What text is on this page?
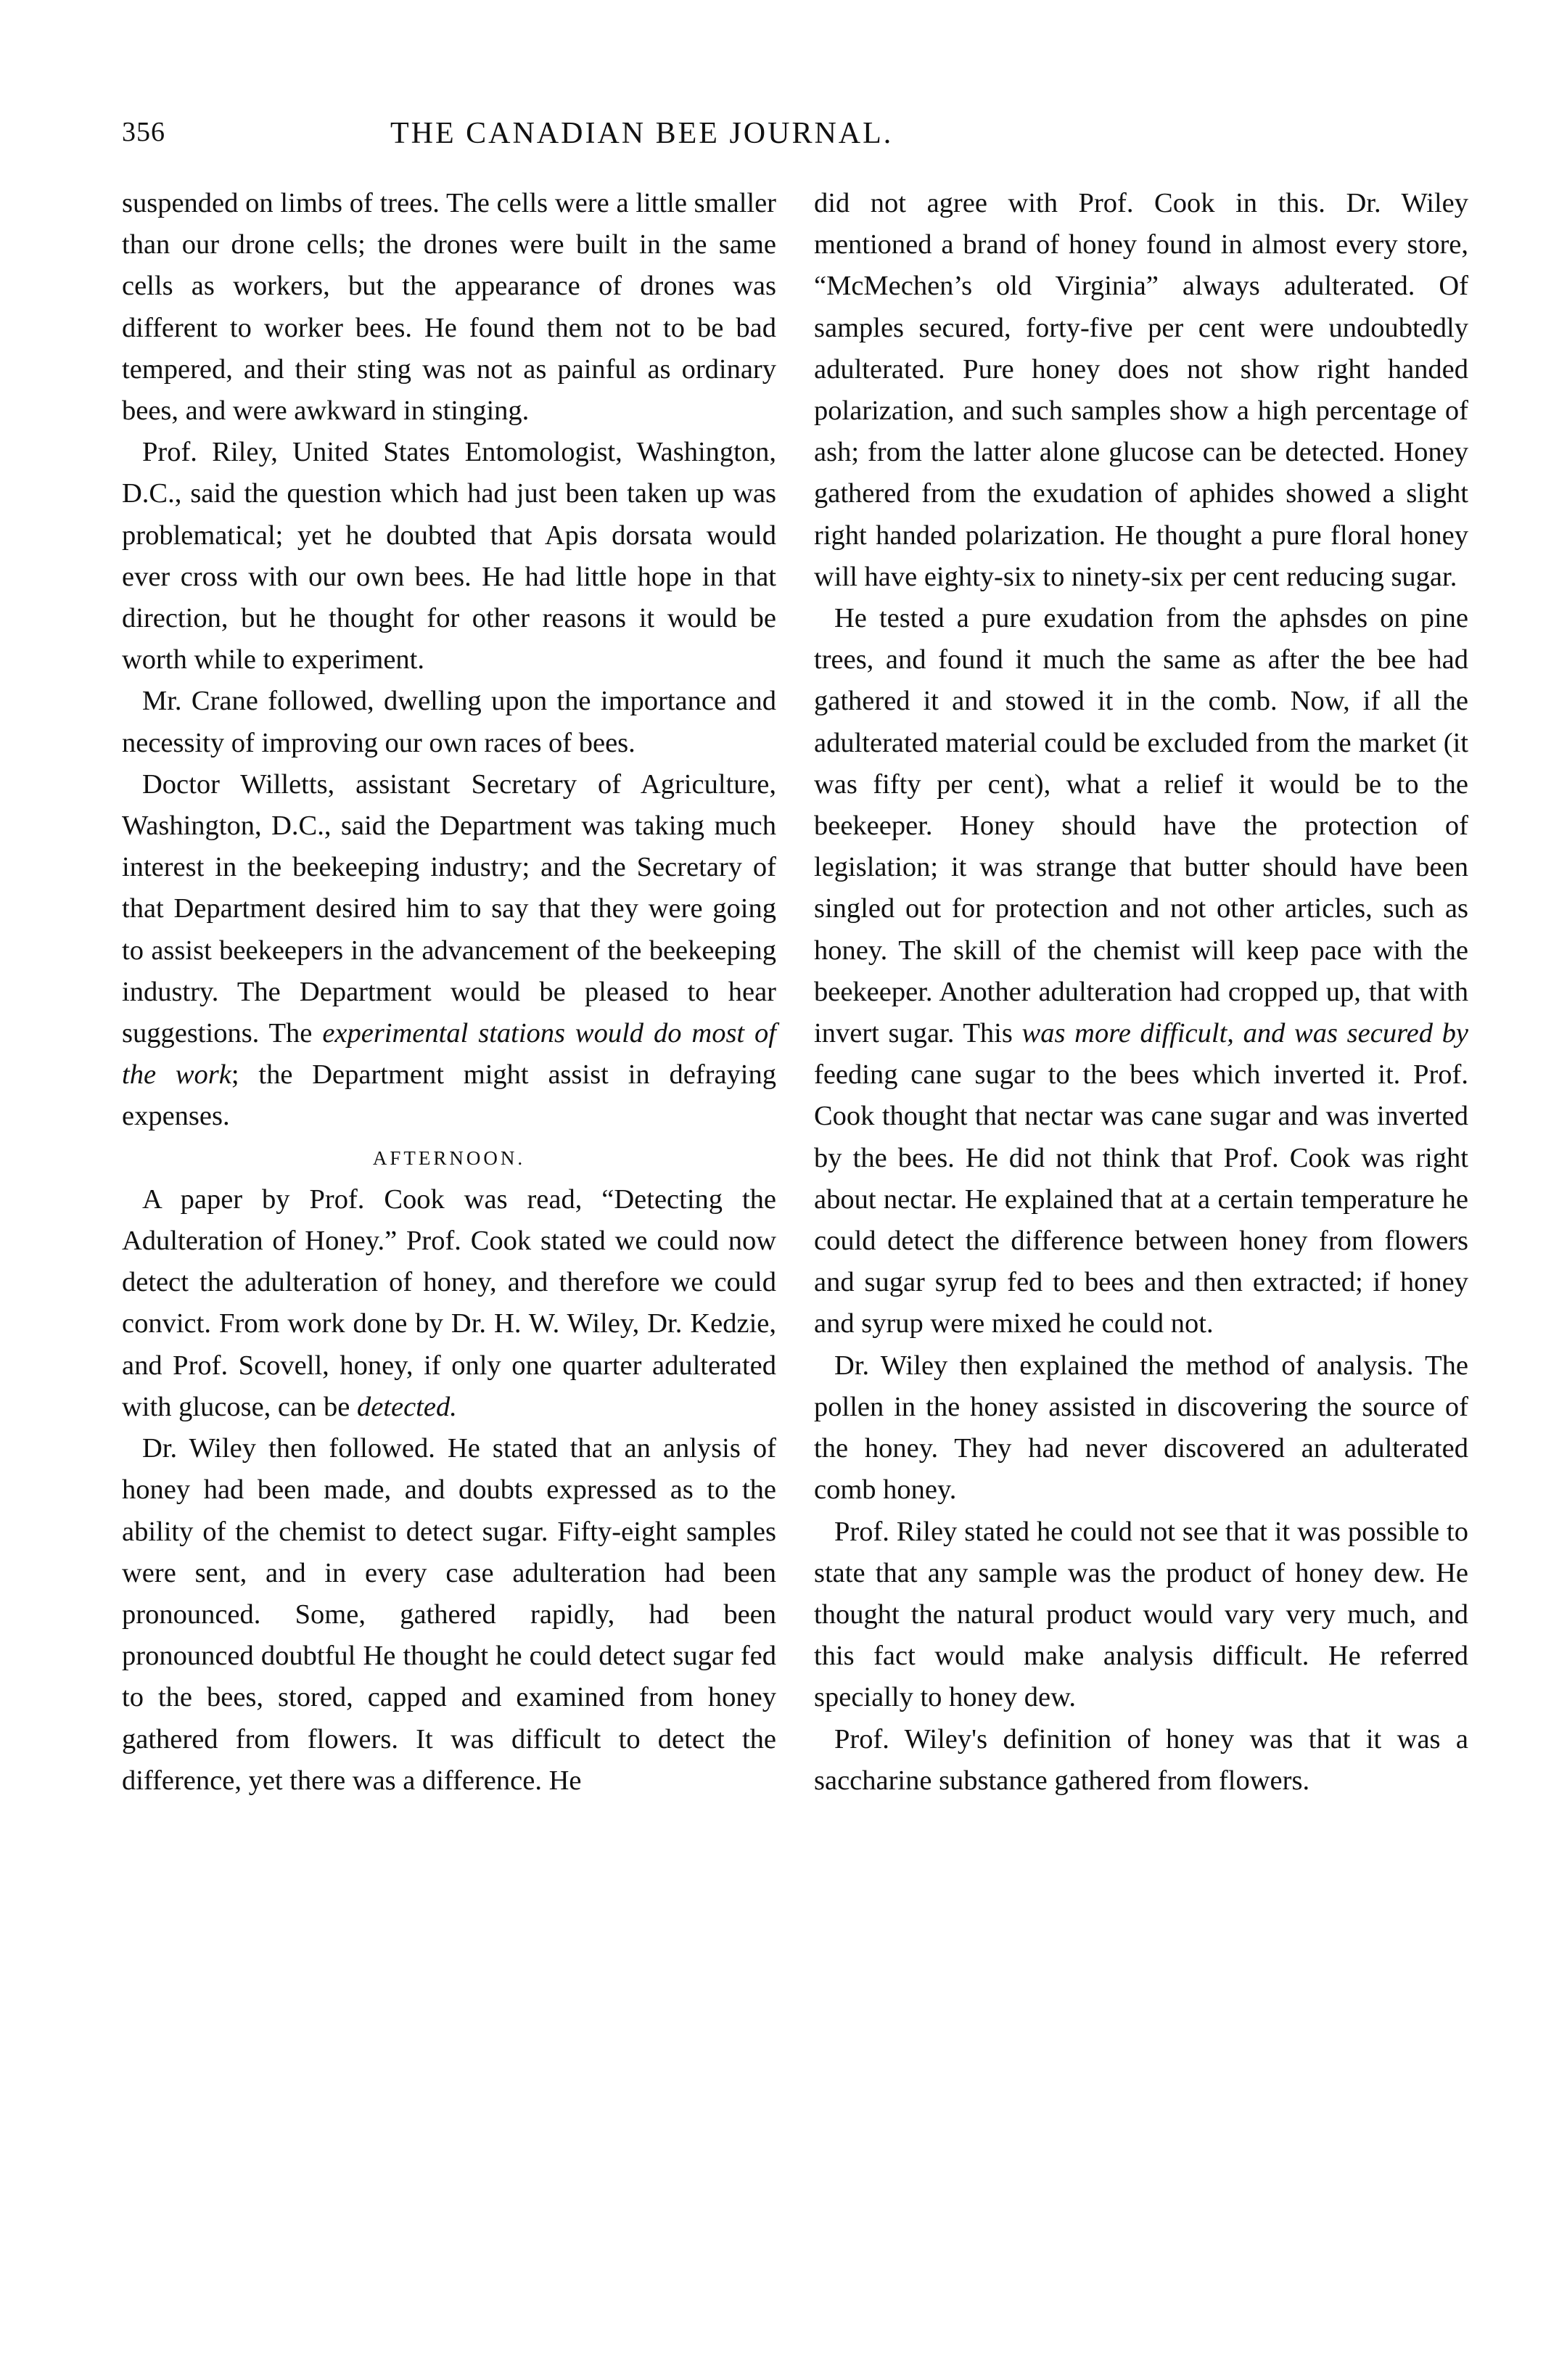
356	THE CANADIAN BEE JOURNAL.

suspended on limbs of trees. The cells were a little smaller than our drone cells; the drones were built in the same cells as workers, but the appearance of drones was different to worker bees. He found them not to be bad tempered, and their sting was not as painful as ordinary bees, and were awkward in stinging.

Prof. Riley, United States Entomologist, Washington, D.C., said the question which had just been taken up was problematical; yet he doubted that Apis dorsata would ever cross with our own bees. He had little hope in that direction, but he thought for other reasons it would be worth while to experiment.

Mr. Crane followed, dwelling upon the importance and necessity of improving our own races of bees.

Doctor Willetts, assistant Secretary of Agriculture, Washington, D.C., said the Department was taking much interest in the beekeeping industry; and the Secretary of that Department desired him to say that they were going to assist beekeepers in the advancement of the beekeeping industry. The Department would be pleased to hear suggestions. The experimental stations would do most of the work; the Department might assist in defraying expenses.

AFTERNOON.

A paper by Prof. Cook was read, “Detecting the Adulteration of Honey.” Prof. Cook stated we could now detect the adulteration of honey, and therefore we could convict. From work done by Dr. H. W. Wiley, Dr. Kedzie, and Prof. Scovell, honey, if only one quarter adulterated with glucose, can be detected.

Dr. Wiley then followed. He stated that an anlysis of honey had been made, and doubts expressed as to the ability of the chemist to detect sugar. Fifty-eight samples were sent, and in every case adulteration had been pronounced. Some, gathered rapidly, had been pronounced doubtful He thought he could detect sugar fed to the bees, stored, capped and examined from honey gathered from flowers. It was difficult to detect the difference, yet there was a difference. He

did not agree with Prof. Cook in this. Dr. Wiley mentioned a brand of honey found in almost every store, “McMechen’s old Virginia” always adulterated. Of samples secured, forty-five per cent were undoubtedly adulterated. Pure honey does not show right handed polarization, and such samples show a high percentage of ash; from the latter alone glucose can be detected. Honey gathered from the exudation of aphides showed a slight right handed polarization. He thought a pure floral honey will have eighty-six to ninety-six per cent reducing sugar.

He tested a pure exudation from the aphsdes on pine trees, and found it much the same as after the bee had gathered it and stowed it in the comb. Now, if all the adulterated material could be excluded from the market (it was fifty per cent), what a relief it would be to the beekeeper. Honey should have the protection of legislation; it was strange that butter should have been singled out for protection and not other articles, such as honey. The skill of the chemist will keep pace with the beekeeper. Another adulteration had cropped up, that with invert sugar. This was more difficult, and was secured by feeding cane sugar to the bees which inverted it. Prof. Cook thought that nectar was cane sugar and was inverted by the bees. He did not think that Prof. Cook was right about nectar. He explained that at a certain temperature he could detect the difference between honey from flowers and sugar syrup fed to bees and then extracted; if honey and syrup were mixed he could not.

Dr. Wiley then explained the method of analysis. The pollen in the honey assisted in discovering the source of the honey. They had never discovered an adulterated comb honey.

Prof. Riley stated he could not see that it was possible to state that any sample was the product of honey dew. He thought the natural product would vary very much, and this fact would make analysis difficult. He referred specially to honey dew.

Prof. Wiley's definition of honey was that it was a saccharine substance gathered from flowers.
